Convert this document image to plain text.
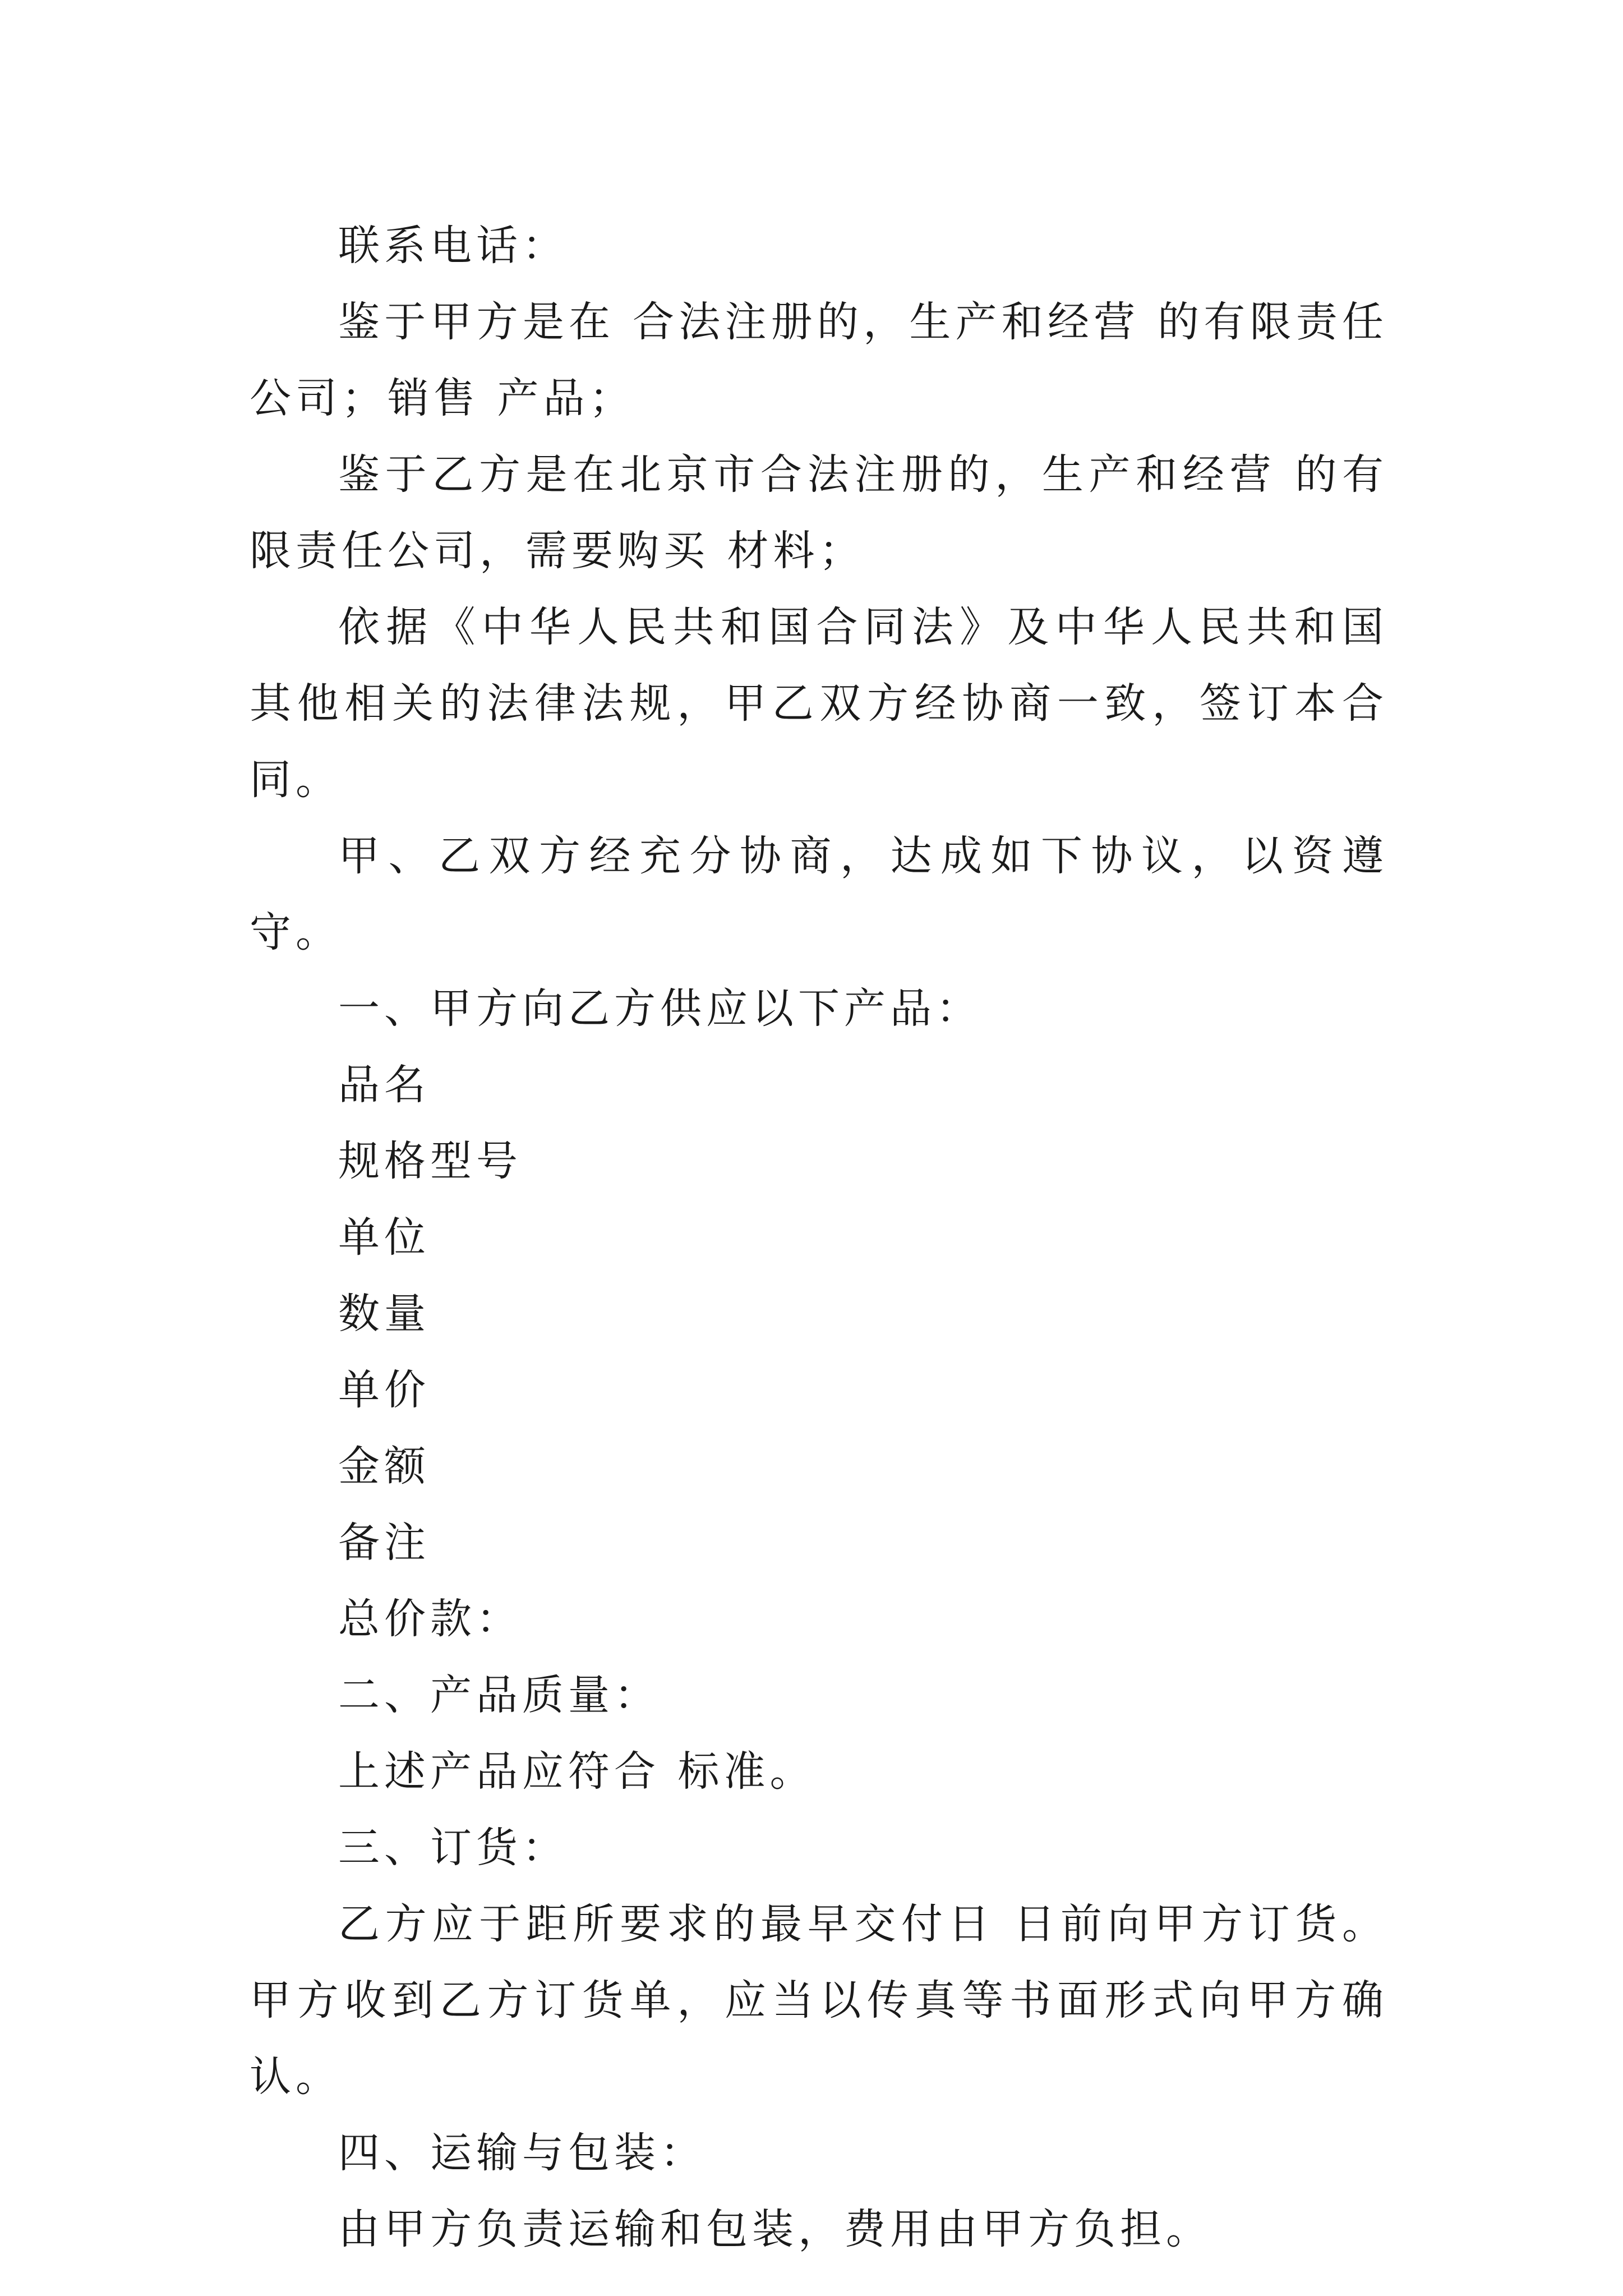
联系电话：

鉴于甲方是在 合法注册的，生产和经营 的有限责任公司；销售 产品；

鉴于乙方是在北京市合法注册的，生产和经营 的有限责任公司，需要购买 材料；

依据《中华人民共和国合同法》及中华人民共和国其他相关的法律法规，甲乙双方经协商一致，签订本合同。

甲、乙双方经充分协商，达成如下协议，以资遵守。

一、甲方向乙方供应以下产品：

品名

规格型号

单位

数量

单价

金额

备注

总价款：

二、产品质量：

上述产品应符合 标准。

三、订货：

乙方应于距所要求的最早交付日 日前向甲方订货。甲方收到乙方订货单，应当以传真等书面形式向甲方确认。

四、运输与包装：

由甲方负责运输和包装，费用由甲方负担。
